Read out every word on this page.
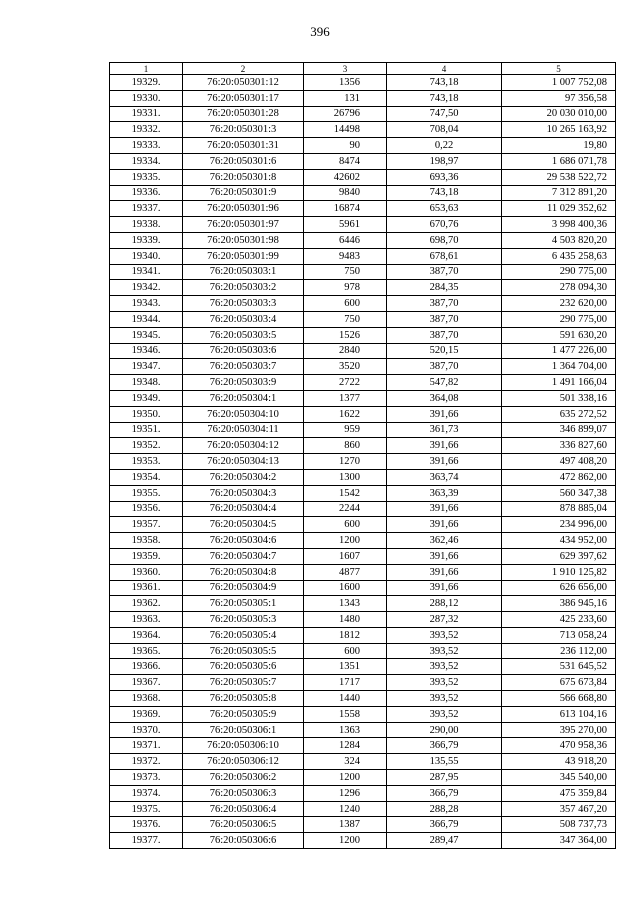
396
1	2	3	4	5
19329.	76:20:050301:12	1356	743,18	1 007 752,08
19330.	76:20:050301:17	131	743,18	97 356,58
19331.	76:20:050301:28	26796	747,50	20 030 010,00
19332.	76:20:050301:3	14498	708,04	10 265 163,92
19333.	76:20:050301:31	90	0,22	19,80
19334.	76:20:050301:6	8474	198,97	1 686 071,78
19335.	76:20:050301:8	42602	693,36	29 538 522,72
19336.	76:20:050301:9	9840	743,18	7 312 891,20
19337.	76:20:050301:96	16874	653,63	11 029 352,62
19338.	76:20:050301:97	5961	670,76	3 998 400,36
19339.	76:20:050301:98	6446	698,70	4 503 820,20
19340.	76:20:050301:99	9483	678,61	6 435 258,63
19341.	76:20:050303:1	750	387,70	290 775,00
19342.	76:20:050303:2	978	284,35	278 094,30
19343.	76:20:050303:3	600	387,70	232 620,00
19344.	76:20:050303:4	750	387,70	290 775,00
19345.	76:20:050303:5	1526	387,70	591 630,20
19346.	76:20:050303:6	2840	520,15	1 477 226,00
19347.	76:20:050303:7	3520	387,70	1 364 704,00
19348.	76:20:050303:9	2722	547,82	1 491 166,04
19349.	76:20:050304:1	1377	364,08	501 338,16
19350.	76:20:050304:10	1622	391,66	635 272,52
19351.	76:20:050304:11	959	361,73	346 899,07
19352.	76:20:050304:12	860	391,66	336 827,60
19353.	76:20:050304:13	1270	391,66	497 408,20
19354.	76:20:050304:2	1300	363,74	472 862,00
19355.	76:20:050304:3	1542	363,39	560 347,38
19356.	76:20:050304:4	2244	391,66	878 885,04
19357.	76:20:050304:5	600	391,66	234 996,00
19358.	76:20:050304:6	1200	362,46	434 952,00
19359.	76:20:050304:7	1607	391,66	629 397,62
19360.	76:20:050304:8	4877	391,66	1 910 125,82
19361.	76:20:050304:9	1600	391,66	626 656,00
19362.	76:20:050305:1	1343	288,12	386 945,16
19363.	76:20:050305:3	1480	287,32	425 233,60
19364.	76:20:050305:4	1812	393,52	713 058,24
19365.	76:20:050305:5	600	393,52	236 112,00
19366.	76:20:050305:6	1351	393,52	531 645,52
19367.	76:20:050305:7	1717	393,52	675 673,84
19368.	76:20:050305:8	1440	393,52	566 668,80
19369.	76:20:050305:9	1558	393,52	613 104,16
19370.	76:20:050306:1	1363	290,00	395 270,00
19371.	76:20:050306:10	1284	366,79	470 958,36
19372.	76:20:050306:12	324	135,55	43 918,20
19373.	76:20:050306:2	1200	287,95	345 540,00
19374.	76:20:050306:3	1296	366,79	475 359,84
19375.	76:20:050306:4	1240	288,28	357 467,20
19376.	76:20:050306:5	1387	366,79	508 737,73
19377.	76:20:050306:6	1200	289,47	347 364,00
